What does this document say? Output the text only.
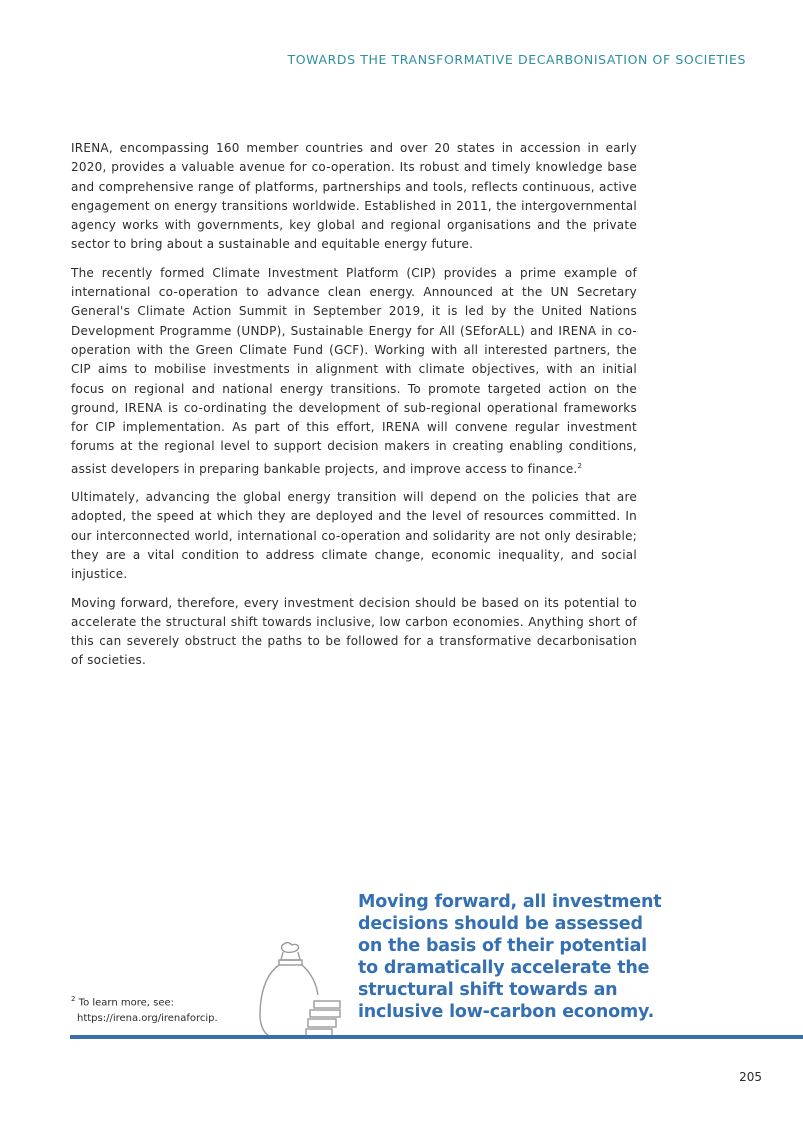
TOWARDS THE TRANSFORMATIVE DECARBONISATION OF SOCIETIES

IRENA, encompassing 160 member countries and over 20 states in accession in early 2020, provides a valuable avenue for co-operation. Its robust and timely knowledge base and comprehensive range of platforms, partnerships and tools, reflects continuous, active engagement on energy transitions worldwide. Established in 2011, the intergovernmental agency works with governments, key global and regional organisations and the private sector to bring about a sustainable and equitable energy future.

The recently formed Climate Investment Platform (CIP) provides a prime example of international co-operation to advance clean energy. Announced at the UN Secretary General's Climate Action Summit in September 2019, it is led by the United Nations Development Programme (UNDP), Sustainable Energy for All (SEforALL) and IRENA in co-operation with the Green Climate Fund (GCF). Working with all interested partners, the CIP aims to mobilise investments in alignment with climate objectives, with an initial focus on regional and national energy transitions. To promote targeted action on the ground, IRENA is co-ordinating the development of sub-regional operational frameworks for CIP implementation. As part of this effort, IRENA will convene regular investment forums at the regional level to support decision makers in creating enabling conditions, assist developers in preparing bankable projects, and improve access to finance.$^2$

Ultimately, advancing the global energy transition will depend on the policies that are adopted, the speed at which they are deployed and the level of resources committed. In our interconnected world, international co-operation and solidarity are not only desirable; they are a vital condition to address climate change, economic inequality, and social injustice.

Moving forward, therefore, every investment decision should be based on its potential to accelerate the structural shift towards inclusive, low carbon economies. Anything short of this can severely obstruct the paths to be followed for a transformative decarbonisation of societies.

Moving forward, all investment
decisions should be assessed
on the basis of their potential
to dramatically accelerate the
structural shift towards an
inclusive low-carbon economy.
$^2$ To learn more, see:
https://irena.org/irenaforcip.
205
